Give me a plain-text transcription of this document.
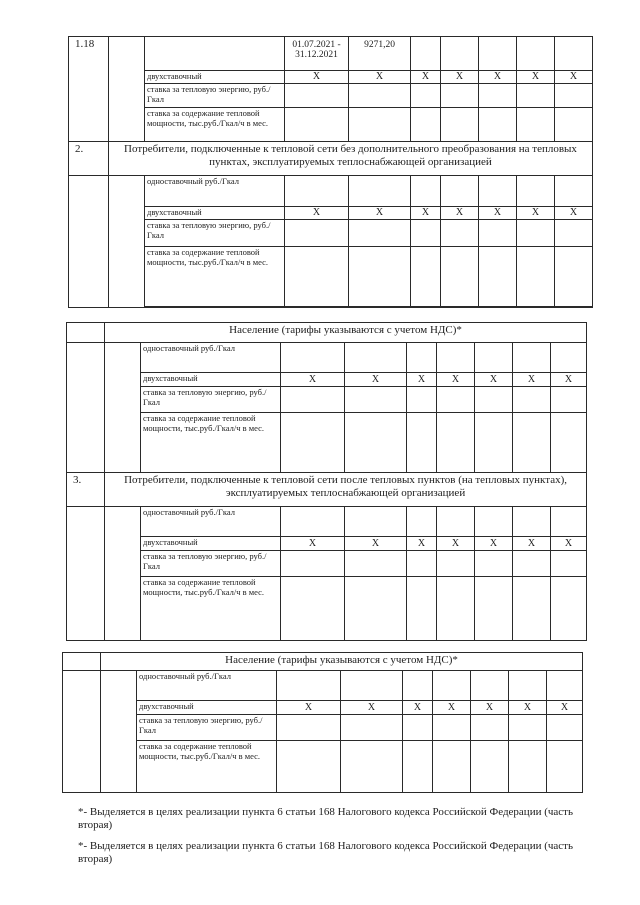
1.18			01.07.2021 - 31.12.2021	9271,20					
		двухставочный	X	X	X	X	X	X	X
		ставка за тепловую энергию, руб./Гкал							
		ставка за содержание тепловой мощности, тыс.руб./Гкал/ч в мес.							
2.	Потребители, подключенные к тепловой сети без дополнительного преобразования на тепловых пунктах, эксплуатируемых теплоснабжающей организацией								
		одноставочный руб./Гкал							
		двухставочный	X	X	X	X	X	X	X
		ставка за тепловую энергию, руб./Гкал							
		ставка за содержание тепловой мощности, тыс.руб./Гкал/ч в мес.							

	Население (тарифы указываются с учетом НДС)*								
		одноставочный руб./Гкал							
		двухставочный	X	X	X	X	X	X	X
		ставка за тепловую энергию, руб./Гкал							
		ставка за содержание тепловой мощности, тыс.руб./Гкал/ч в мес.							
3.	Потребители, подключенные к тепловой сети после тепловых пунктов (на тепловых пунктах), эксплуатируемых теплоснабжающей организацией								
		одноставочный руб./Гкал							
		двухставочный	X	X	X	X	X	X	X
		ставка за тепловую энергию, руб./Гкал							
		ставка за содержание тепловой мощности, тыс.руб./Гкал/ч в мес.							
	Население (тарифы указываются с учетом НДС)*								
		одноставочный руб./Гкал							
		двухставочный	X	X	X	X	X	X	X
		ставка за тепловую энергию, руб./Гкал							
		ставка за содержание тепловой мощности, тыс.руб./Гкал/ч в мес.							
*- Выделяется в целях реализации пункта 6 статьи 168 Налогового кодекса Российской Федерации (часть вторая)
*- Выделяется в целях реализации пункта 6 статьи 168 Налогового кодекса Российской Федерации (часть вторая)
